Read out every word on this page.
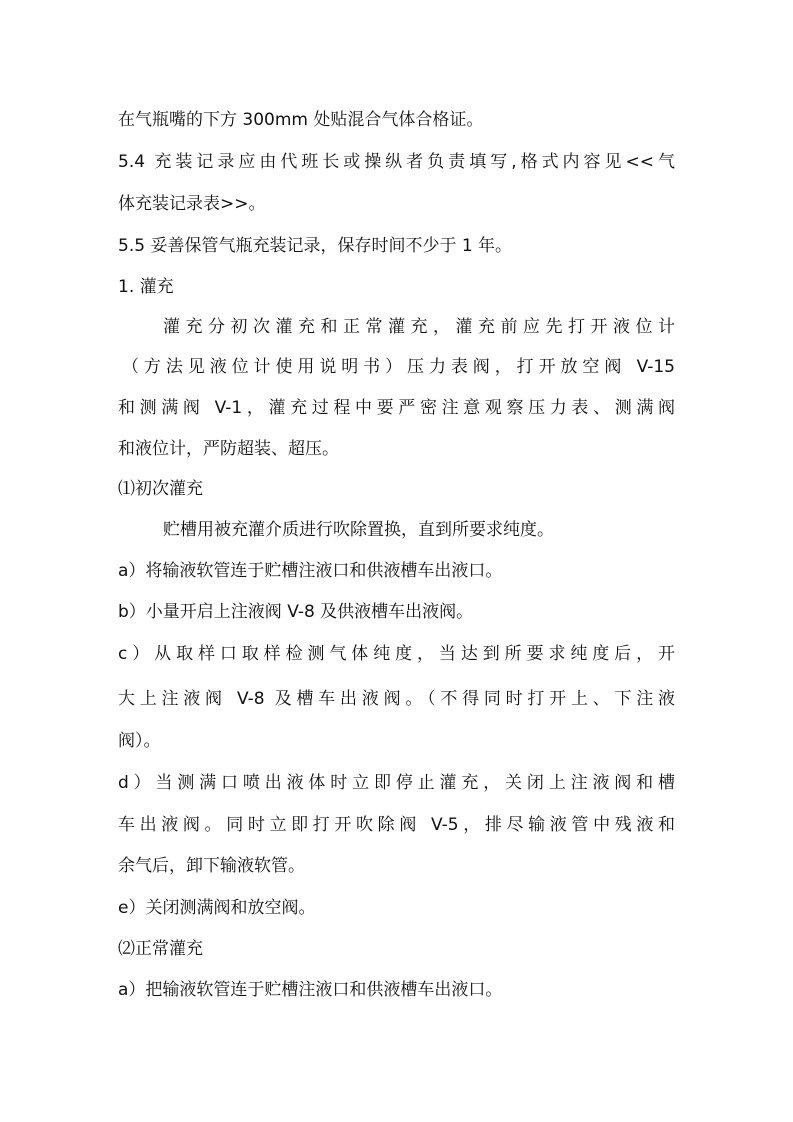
在气瓶嘴的下方 300mm 处贴混合气体合格证。
5.4 充装记录应由代班长或操纵者负责填写,格式内容见<<气
体充装记录表>>。
5.5 妥善保管气瓶充装记录，保存时间不少于 1 年。
1. 灌充
灌充分初次灌充和正常灌充，灌充前应先打开液位计
（方法见液位计使用说明书）压力表阀，打开放空阀 V-15
和测满阀 V-1，灌充过程中要严密注意观察压力表、测满阀
和液位计，严防超装、超压。
⑴初次灌充
贮槽用被充灌介质进行吹除置换，直到所要求纯度。
a）将输液软管连于贮槽注液口和供液槽车出液口。
b）小量开启上注液阀 V-8 及供液槽车出液阀。
c）从取样口取样检测气体纯度，当达到所要求纯度后，开
大上注液阀 V-8 及槽车出液阀。（不得同时打开上、下注液
阀）。
d）当测满口喷出液体时立即停止灌充，关闭上注液阀和槽
车出液阀。同时立即打开吹除阀 V-5，排尽输液管中残液和
余气后，卸下输液软管。
e）关闭测满阀和放空阀。
⑵正常灌充
a）把输液软管连于贮槽注液口和供液槽车出液口。
